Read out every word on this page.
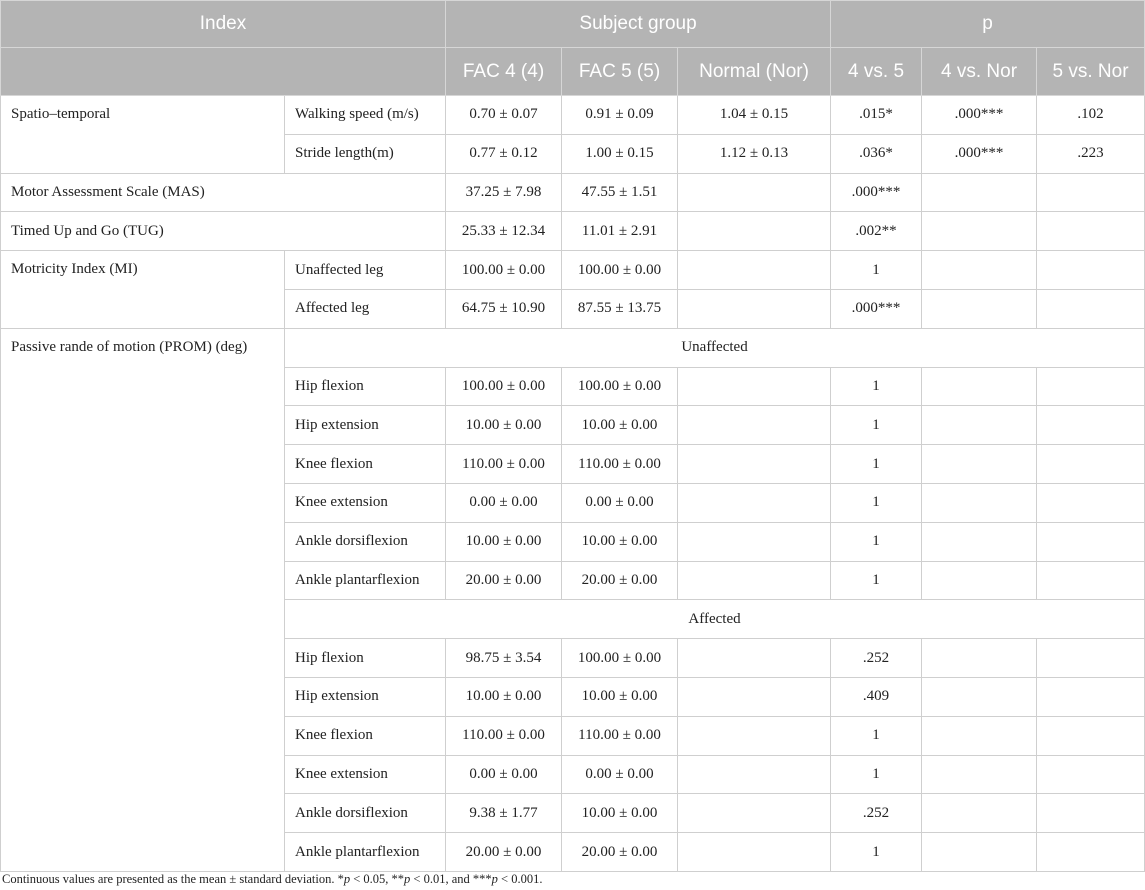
Index		Subject group			p		
		FAC 4 (4)	FAC 5 (5)	Normal (Nor)	4 vs. 5	4 vs. Nor	5 vs. Nor
Spatio–temporal	Walking speed (m/s)	0.70 ± 0.07	0.91 ± 0.09	1.04 ± 0.15	.015*	.000***	.102
	Stride length(m)	0.77 ± 0.12	1.00 ± 0.15	1.12 ± 0.13	.036*	.000***	.223
Motor Assessment Scale (MAS)		37.25 ± 7.98	47.55 ± 1.51		.000***		
Timed Up and Go (TUG)		25.33 ± 12.34	11.01 ± 2.91		.002**		
Motricity Index (MI)	Unaffected leg	100.00 ± 0.00	100.00 ± 0.00		1		
	Affected leg	64.75 ± 10.90	87.55 ± 13.75		.000***		
Passive rande of motion (PROM) (deg)	Unaffected						
	Hip flexion	100.00 ± 0.00	100.00 ± 0.00		1		
	Hip extension	10.00 ± 0.00	10.00 ± 0.00		1		
	Knee flexion	110.00 ± 0.00	110.00 ± 0.00		1		
	Knee extension	0.00 ± 0.00	0.00 ± 0.00		1		
	Ankle dorsiflexion	10.00 ± 0.00	10.00 ± 0.00		1		
	Ankle plantarflexion	20.00 ± 0.00	20.00 ± 0.00		1		
	Affected						
	Hip flexion	98.75 ± 3.54	100.00 ± 0.00		.252		
	Hip extension	10.00 ± 0.00	10.00 ± 0.00		.409		
	Knee flexion	110.00 ± 0.00	110.00 ± 0.00		1		
	Knee extension	0.00 ± 0.00	0.00 ± 0.00		1		
	Ankle dorsiflexion	9.38 ± 1.77	10.00 ± 0.00		.252		
	Ankle plantarflexion	20.00 ± 0.00	20.00 ± 0.00		1		
Continuous values are presented as the mean ± standard deviation. *p < 0.05, **p < 0.01, and ***p < 0.001.
